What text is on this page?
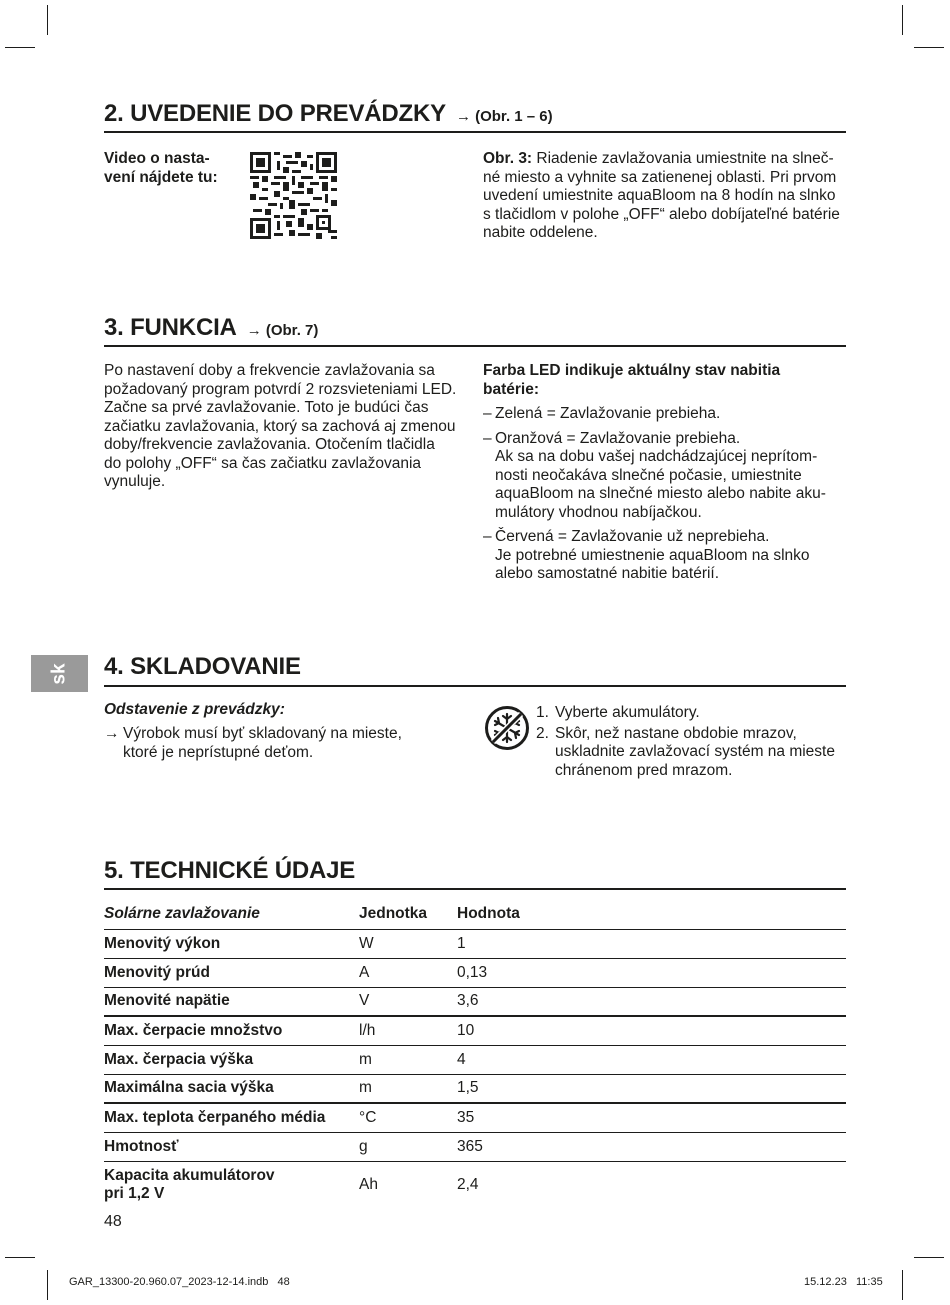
2. UVEDENIE DO PREVÁDZKY → (Obr. 1 – 6)
Video o nasta-
vení nájdete tu:
Obr. 3: Riadenie zavlažovania umiestnite na slneč-
né miesto a vyhnite sa zatienenej oblasti. Pri prvom
uvedení umiestnite aquaBloom na 8 hodín na slnko
s tlačidlom v polohe „OFF“ alebo dobíjateľné batérie
nabite oddelene.
3. FUNKCIA → (Obr. 7)
Po nastavení doby a frekvencie zavlažovania sa
požadovaný program potvrdí 2 rozsvieteniami LED.
Začne sa prvé zavlažovanie. Toto je budúci čas
začiatku zavlažovania, ktorý sa zachová aj zmenou
doby/frekvencie zavlažovania. Otočením tlačidla
do polohy „OFF“ sa čas začiatku zavlažovania
vynuluje.
Farba LED indikuje aktuálny stav nabitia
batérie:
– Zelená = Zavlažovanie prebieha.
– Oranžová = Zavlažovanie prebieha.
Ak sa na dobu vašej nadchádzajúcej neprítom-
nosti neočakáva slnečné počasie, umiestnite
aquaBloom na slnečné miesto alebo nabite aku-
mulátory vhodnou nabíjačkou.
– Červená = Zavlažovanie už neprebieha.
Je potrebné umiestnenie aquaBloom na slnko
alebo samostatné nabitie batérií.
sk 4. SKLADOVANIE
Odstavenie z prevádzky:
→ Výrobok musí byť skladovaný na mieste,
ktoré je neprístupné deťom.
1. Vyberte akumulátory.
2. Skôr, než nastane obdobie mrazov,
uskladnite zavlažovací systém na mieste
chránenom pred mrazom.
5. TECHNICKÉ ÚDAJE
Solárne zavlažovanie	Jednotka	Hodnota
Menovitý výkon	W	1
Menovitý prúd	A	0,13
Menovité napätie	V	3,6
Max. čerpacie množstvo	l/h	10
Max. čerpacia výška	m	4
Maximálna sacia výška	m	1,5
Max. teplota čerpaného média	°C	35
Hmotnosť	g	365
Kapacita akumulátorov
pri 1,2 V	Ah	2,4
48
GAR_13300-20.960.07_2023-12-14.indb   48	15.12.23   11:35
